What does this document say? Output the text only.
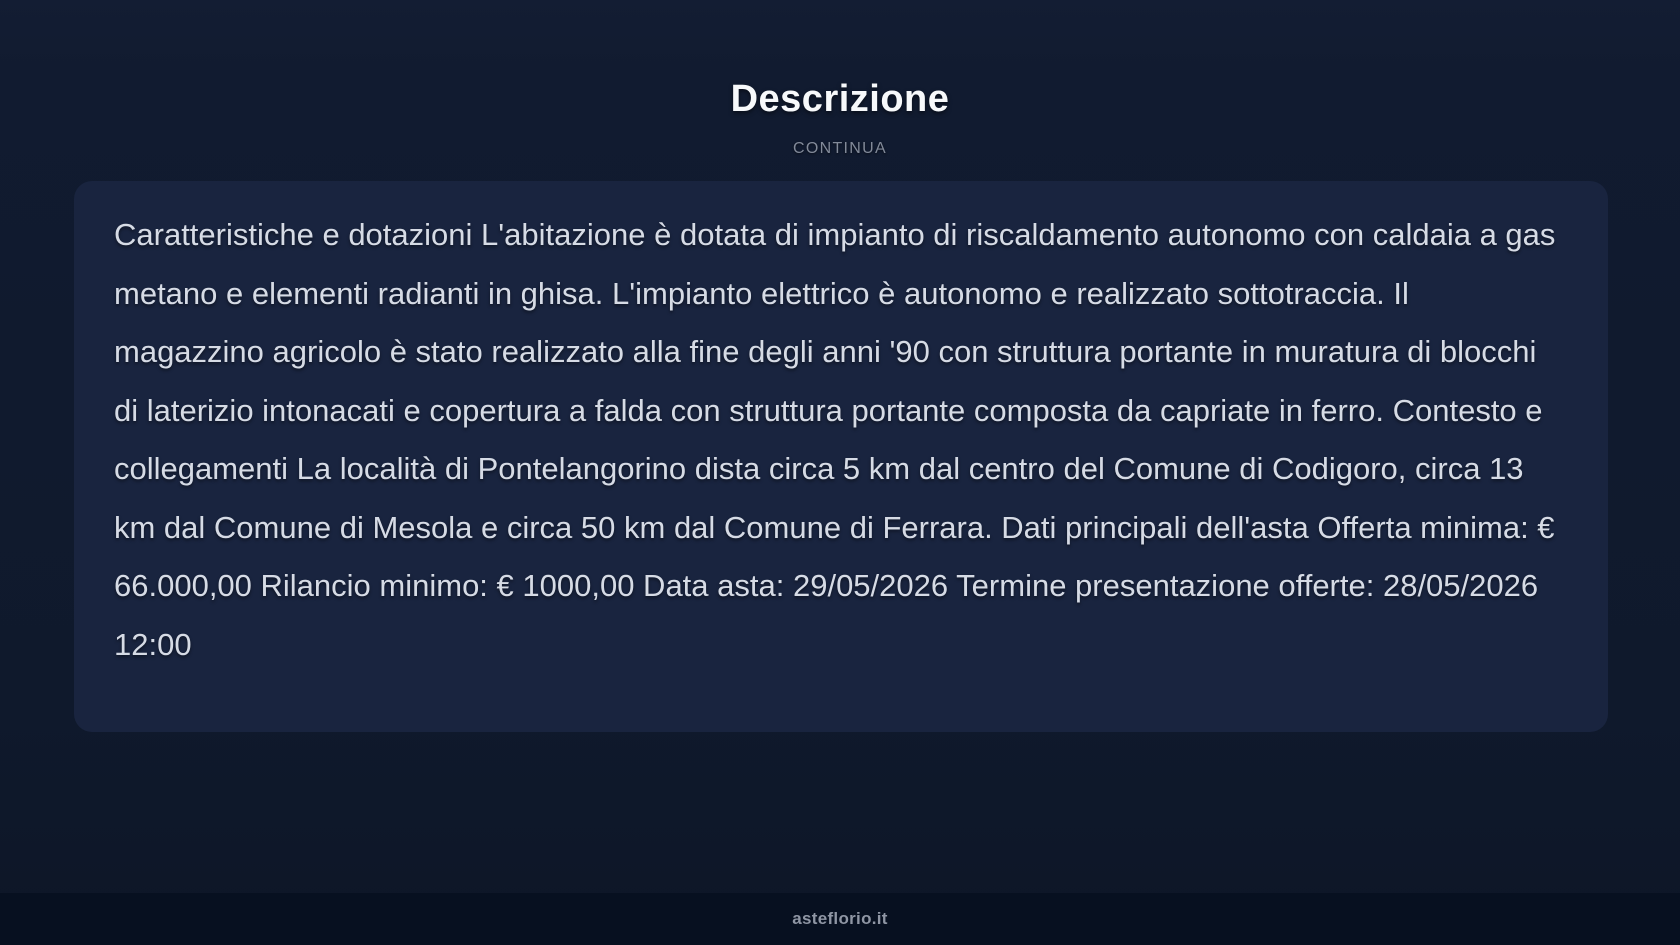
Descrizione
CONTINUA

Caratteristiche e dotazioni L'abitazione è dotata di impianto di riscaldamento autonomo con caldaia a gas metano e elementi radianti in ghisa. L'impianto elettrico è autonomo e realizzato sottotraccia. Il magazzino agricolo è stato realizzato alla fine degli anni '90 con struttura portante in muratura di blocchi di laterizio intonacati e copertura a falda con struttura portante composta da capriate in ferro. Contesto e collegamenti La località di Pontelangorino dista circa 5 km dal centro del Comune di Codigoro, circa 13 km dal Comune di Mesola e circa 50 km dal Comune di Ferrara. Dati principali dell'asta Offerta minima: € 66.000,00 Rilancio minimo: € 1000,00 Data asta: 29/05/2026 Termine presentazione offerte: 28/05/2026 12:00

asteflorio.it
